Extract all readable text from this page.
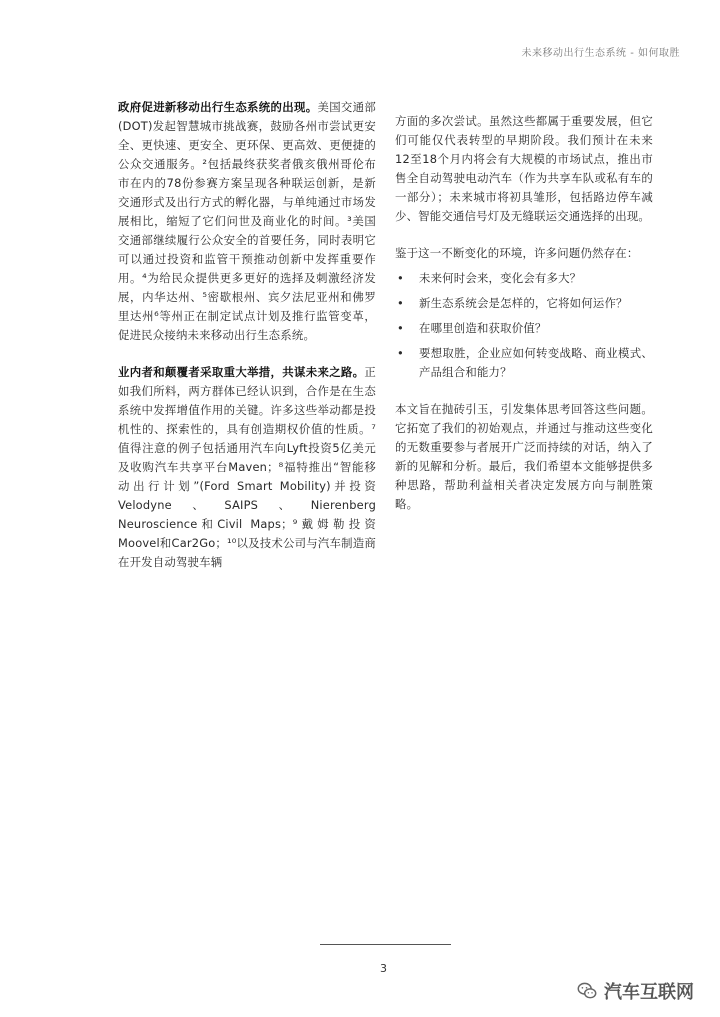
未来移动出行生态系统 - 如何取胜

政府促进新移动出行生态系统的出现。美国交通部(DOT)发起智慧城市挑战赛，鼓励各州市尝试更安全、更快速、更安全、更环保、更高效、更便捷的公众交通服务。²包括最终获奖者俄亥俄州哥伦布市在内的78份参赛方案呈现各种联运创新，是新交通形式及出行方式的孵化器，与单纯通过市场发展相比，缩短了它们问世及商业化的时间。³美国交通部继续履行公众安全的首要任务，同时表明它可以通过投资和监管干预推动创新中发挥重要作用。⁴为给民众提供更多更好的选择及刺激经济发展，内华达州、⁵密歇根州、宾夕法尼亚州和佛罗里达州⁶等州正在制定试点计划及推行监管变革，促进民众接纳未来移动出行生态系统。

业内者和颠覆者采取重大举措，共谋未来之路。正如我们所料，两方群体已经认识到，合作是在生态系统中发挥增值作用的关键。许多这些举动都是投机性的、探索性的，具有创造期权价值的性质。⁷值得注意的例子包括通用汽车向Lyft投资5亿美元及收购汽车共享平台Maven；⁸福特推出“智能移动出行计划”(Ford Smart Mobility)并投资Velodyne、SAIPS、Nierenberg Neuroscience和Civil Maps；⁹戴姆勒投资Moovel和Car2Go；¹⁰以及技术公司与汽车制造商在开发自动驾驶车辆

方面的多次尝试。虽然这些都属于重要发展，但它们可能仅代表转型的早期阶段。我们预计在未来12至18个月内将会有大规模的市场试点，推出市售全自动驾驶电动汽车（作为共享车队或私有车的一部分）；未来城市将初具雏形，包括路边停车减少、智能交通信号灯及无缝联运交通选择的出现。

鉴于这一不断变化的环境，许多问题仍然存在：

• 未来何时会来，变化会有多大？
• 新生态系统会是怎样的，它将如何运作？
• 在哪里创造和获取价值？
• 要想取胜，企业应如何转变战略、商业模式、产品组合和能力？

本文旨在抛砖引玉，引发集体思考回答这些问题。它拓宽了我们的初始观点，并通过与推动这些变化的无数重要参与者展开广泛而持续的对话，纳入了新的见解和分析。最后，我们希望本文能够提供多种思路，帮助利益相关者决定发展方向与制胜策略。

3
汽车互联网
